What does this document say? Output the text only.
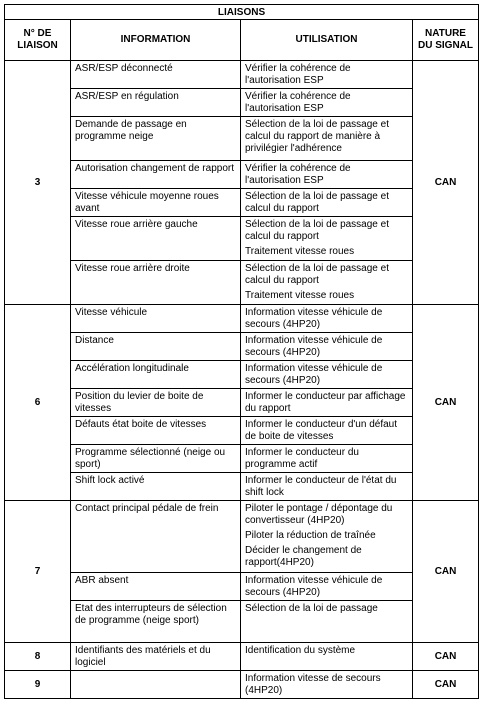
LIAISONS			
N° DE LIAISON	INFORMATION	UTILISATION	NATURE DU SIGNAL
3	ASR/ESP déconnecté	Vérifier la cohérence de l'autorisation ESP	CAN
	ASR/ESP en régulation	Vérifier la cohérence de l'autorisation ESP	

	Demande de passage en programme neige	Sélection de la loi de passage et calcul du rapport de manière à privilégier l'adhérence	

	Autorisation changement de rapport	Vérifier la cohérence de l'autorisation ESP	

	Vitesse véhicule moyenne roues avant	Sélection de la loi de passage et calcul du rapport	

	Vitesse roue arrière gauche	Sélection de la loi de passage et calcul du rapport
Traitement vitesse roues	

	Vitesse roue arrière droite	Sélection de la loi de passage et calcul du rapport
Traitement vitesse roues	

6	Vitesse véhicule	Information vitesse véhicule de secours (4HP20)	CAN
	Distance	Information vitesse véhicule de secours (4HP20)	

	Accélération longitudinale	Information vitesse véhicule de secours (4HP20)	

	Position du levier de boite de vitesses	Informer le conducteur par affichage du rapport	

	Défauts état boite de vitesses	Informer le conducteur d'un défaut de boite de vitesses	

	Programme sélectionné (neige ou sport)	Informer le conducteur du programme actif	

	Shift lock activé	Informer le conducteur de l'état du shift lock	

7	Contact principal pédale de frein	Piloter le pontage / dépontage du convertisseur (4HP20)
Piloter la réduction de traînée
Décider le changement de rapport(4HP20)	CAN
	ABR absent	Information vitesse véhicule de secours (4HP20)	

	Etat des interrupteurs de sélection de programme (neige sport)	Sélection de la loi de passage	

8	Identifiants des matériels et du logiciel	Identification du système	CAN
9		Information vitesse de secours (4HP20)	CAN
